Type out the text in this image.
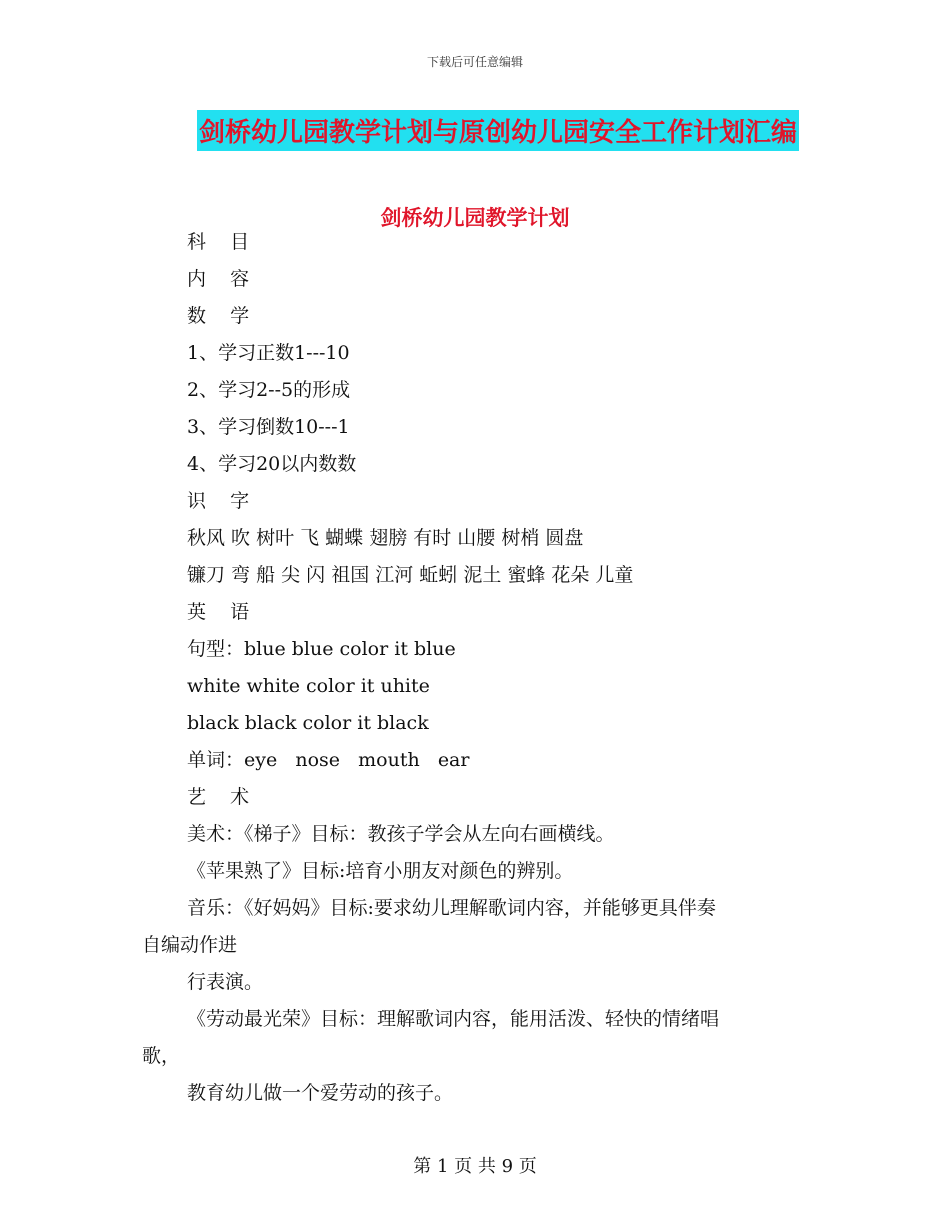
下载后可任意编辑
剑桥幼儿园教学计划与原创幼儿园安全工作计划汇编
剑桥幼儿园教学计划
科    目
内    容
数    学
1、学习正数1---10
2、学习2--5的形成
3、学习倒数10---1
4、学习20以内数数
识    字
秋风 吹 树叶 飞 蝴蝶 翅膀 有时 山腰 树梢 圆盘
镰刀 弯 船 尖 闪 祖国 江河 蚯蚓 泥土 蜜蜂 花朵 儿童
英    语
句型：blue blue color it blue
white white color it uhite
black black color it black
单词：eye   nose   mouth   ear
艺    术
美术：《梯子》目标：教孩子学会从左向右画横线。
《苹果熟了》目标:培育小朋友对颜色的辨别。
音乐：《好妈妈》目标:要求幼儿理解歌词内容，并能够更具伴奏
自编动作进
行表演。
《劳动最光荣》目标：理解歌词内容，能用活泼、轻快的情绪唱
歌，
教育幼儿做一个爱劳动的孩子。
第 1 页 共 9 页
